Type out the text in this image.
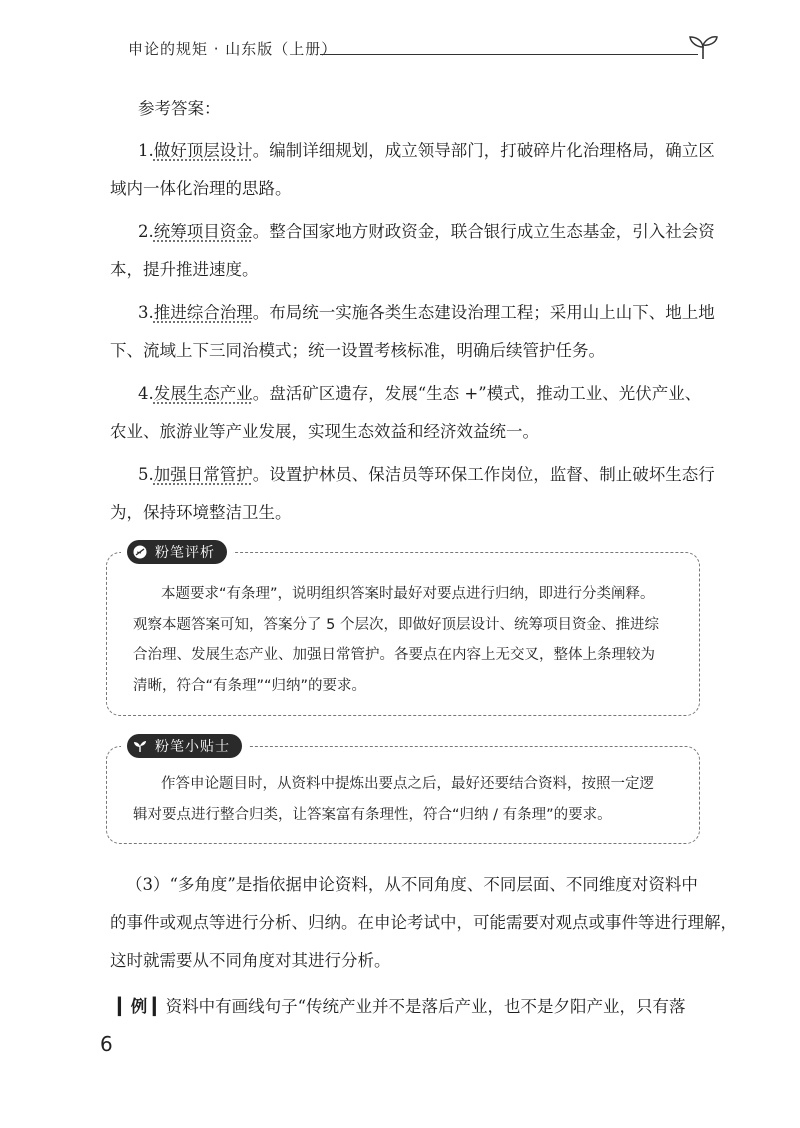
申论的规矩 · 山东版（上册）
参考答案：
1.做好顶层设计。编制详细规划，成立领导部门，打破碎片化治理格局，确立区
域内一体化治理的思路。
2.统筹项目资金。整合国家地方财政资金，联合银行成立生态基金，引入社会资
本，提升推进速度。
3.推进综合治理。布局统一实施各类生态建设治理工程；采用山上山下、地上地
下、流域上下三同治模式；统一设置考核标准，明确后续管护任务。
4.发展生态产业。盘活矿区遗存，发展“生态 +”模式，推动工业、光伏产业、
农业、旅游业等产业发展，实现生态效益和经济效益统一。
5.加强日常管护。设置护林员、保洁员等环保工作岗位，监督、制止破坏生态行
为，保持环境整洁卫生。
粉笔评析
本题要求“有条理”，说明组织答案时最好对要点进行归纳，即进行分类阐释。
观察本题答案可知，答案分了 5 个层次，即做好顶层设计、统筹项目资金、推进综
合治理、发展生态产业、加强日常管护。各要点在内容上无交叉，整体上条理较为
清晰，符合“有条理”“归纳”的要求。
粉笔小贴士
作答申论题目时，从资料中提炼出要点之后，最好还要结合资料，按照一定逻
辑对要点进行整合归类，让答案富有条理性，符合“归纳 / 有条理”的要求。
（3）“多角度”是指依据申论资料，从不同角度、不同层面、不同维度对资料中
的事件或观点等进行分析、归纳。在申论考试中，可能需要对观点或事件等进行理解，
这时就需要从不同角度对其进行分析。
▎例 ▎资料中有画线句子“传统产业并不是落后产业，也不是夕阳产业，只有落
6
